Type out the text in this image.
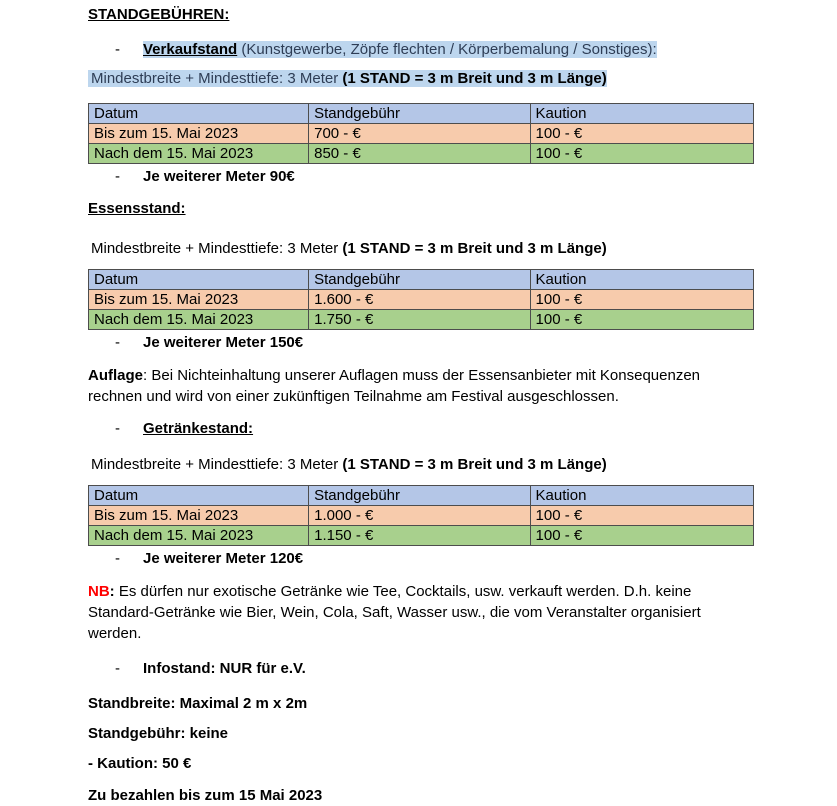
STANDGEBÜHREN:
-	Verkaufstand (Kunstgewerbe, Zöpfe flechten / Körperbemalung / Sonstiges):
Mindestbreite + Mindesttiefe: 3 Meter (1 STAND = 3 m Breit und 3 m Länge)
Datum	Standgebühr	Kaution
Bis zum 15. Mai 2023	700 - €	100 - €
Nach dem 15. Mai 2023	850 - €	100 - €
-	Je weiterer Meter 90€
Essensstand:
Mindestbreite + Mindesttiefe: 3 Meter (1 STAND = 3 m Breit und 3 m Länge)
Datum	Standgebühr	Kaution
Bis zum 15. Mai 2023	1.600 - €	100 - €
Nach dem 15. Mai 2023	1.750 - €	100 - €
-	Je weiterer Meter 150€
Auflage: Bei Nichteinhaltung unserer Auflagen muss der Essensanbieter mit Konsequenzen rechnen und wird von einer zukünftigen Teilnahme am Festival ausgeschlossen.
-	Getränkestand:
Mindestbreite + Mindesttiefe: 3 Meter (1 STAND = 3 m Breit und 3 m Länge)
Datum	Standgebühr	Kaution
Bis zum 15. Mai 2023	1.000 - €	100 - €
Nach dem 15. Mai 2023	1.150 - €	100 - €
-	Je weiterer Meter 120€
NB: Es dürfen nur exotische Getränke wie Tee, Cocktails, usw. verkauft werden. D.h. keine Standard-Getränke wie Bier, Wein, Cola, Saft, Wasser usw., die vom Veranstalter organisiert werden.
-	Infostand: NUR für e.V.
Standbreite: Maximal 2 m x 2m
Standgebühr: keine
- Kaution: 50 €
Zu bezahlen bis zum 15 Mai 2023
